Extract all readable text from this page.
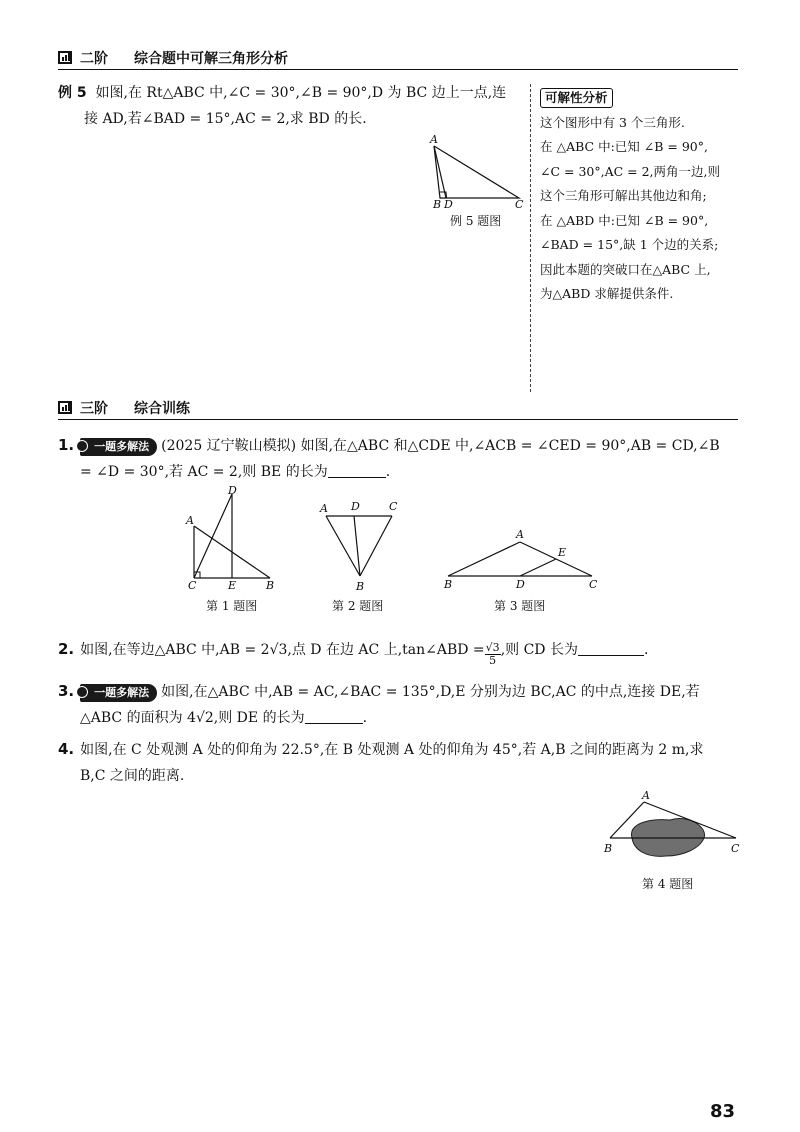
二阶 综合题中可解三角形分析
例 5 如图,在 Rt△ABC 中,∠C = 30°,∠B = 90°,D 为 BC 边上一点,连
接 AD,若∠BAD = 15°,AC = 2,求 BD 的长.
A
B D	C
例 5 题图
可解性分析
这个图形中有 3 个三角形.
在 △ABC 中:已知 ∠B = 90°,
∠C = 30°,AC = 2,两角一边,则
这个三角形可解出其他边和角;
在 △ABD 中:已知 ∠B = 90°,
∠BAD = 15°,缺 1 个边的关系;
因此本题的突破口在△ABC 上,
为△ABD 求解提供条件.
三阶 综合训练
1. 一题多解法 (2025 辽宁鞍山模拟) 如图,在△ABC 和△CDE 中,∠ACB = ∠CED = 90°,AB = CD,∠B
= ∠D = 30°,若 AC = 2,则 BE 的长为	.
D
A
C	E	B
第 1 题图
A D	C
B
第 2 题图
A
E
B	D	C
第 3 题图
2. 如图,在等边△ABC 中,AB = 2√3,点 D 在边 AC 上,tan∠ABD = $\frac{√3}{5}$ ,则 CD 长为	.
3. 一题多解法 如图,在△ABC 中,AB = AC,∠BAC = 135°,D,E 分别为边 BC,AC 的中点,连接 DE,若
△ABC 的面积为 4√2,则 DE 的长为	.
4. 如图,在 C 处观测 A 处的仰角为 22.5°,在 B 处观测 A 处的仰角为 45°,若 A,B 之间的距离为 2 m,求
B,C 之间的距离.
A
B	C
第 4 题图
83
